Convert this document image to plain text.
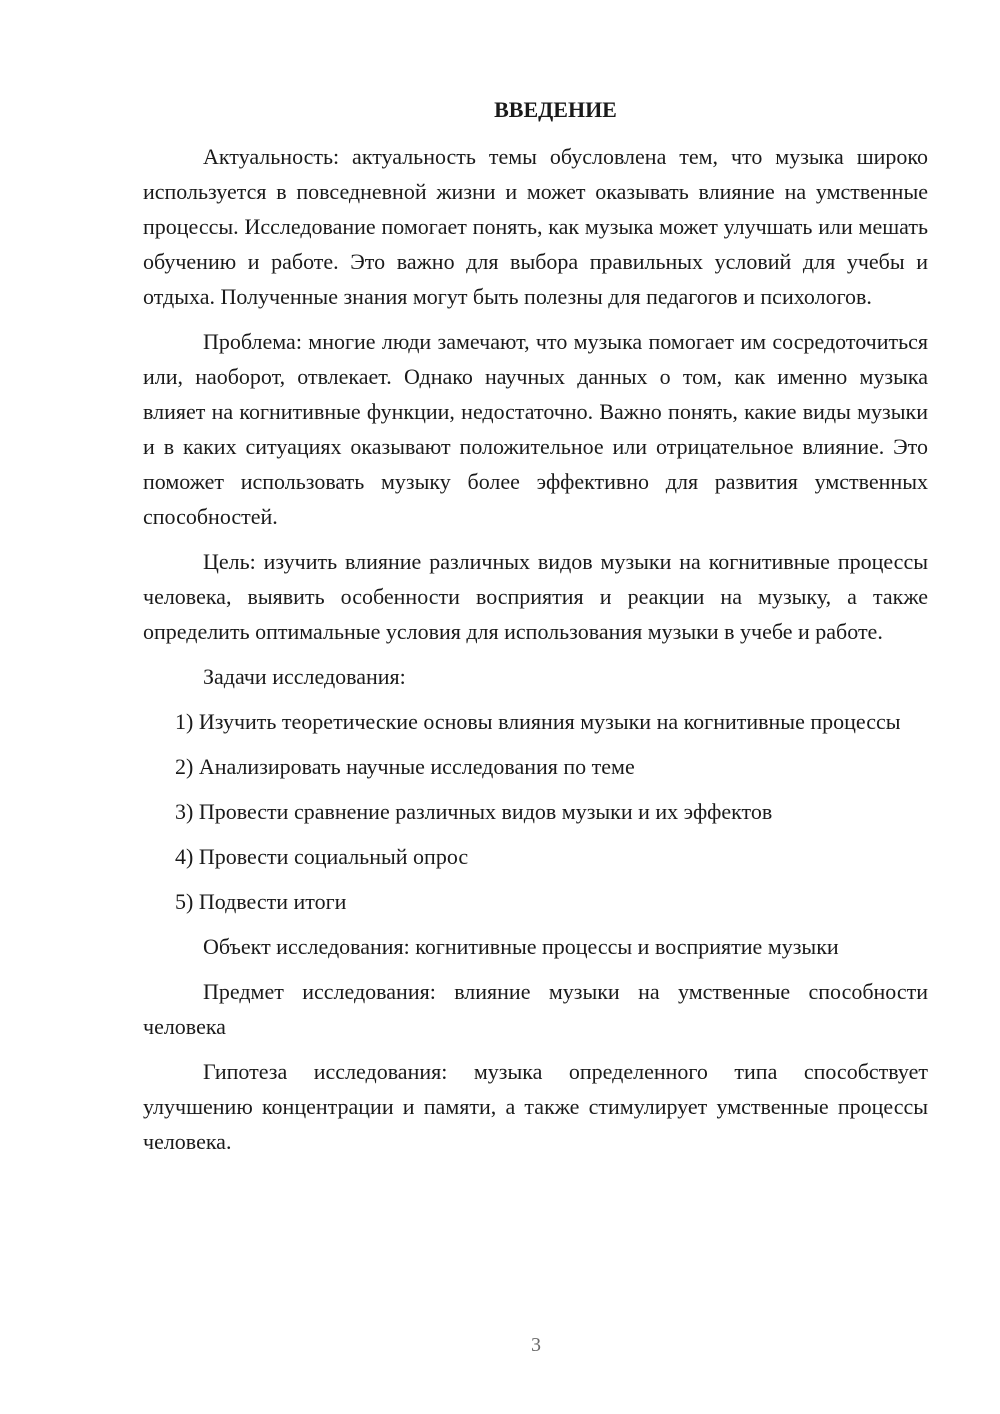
ВВЕДЕНИЕ

Актуальность: актуальность темы обусловлена тем, что музыка широко используется в повседневной жизни и может оказывать влияние на умственные процессы. Исследование помогает понять, как музыка может улучшать или мешать обучению и работе. Это важно для выбора правильных условий для учебы и отдыха. Полученные знания могут быть полезны для педагогов и психологов.

Проблема: многие люди замечают, что музыка помогает им сосредоточиться или, наоборот, отвлекает. Однако научных данных о том, как именно музыка влияет на когнитивные функции, недостаточно. Важно понять, какие виды музыки и в каких ситуациях оказывают положительное или отрицательное влияние. Это поможет использовать музыку более эффективно для развития умственных способностей.

Цель: изучить влияние различных видов музыки на когнитивные процессы человека, выявить особенности восприятия и реакции на музыку, а также определить оптимальные условия для использования музыки в учебе и работе.

Задачи исследования:

1) Изучить теоретические основы влияния музыки на когнитивные процессы

2) Анализировать научные исследования по теме

3) Провести сравнение различных видов музыки и их эффектов

4) Провести социальный опрос

5) Подвести итоги

Объект исследования: когнитивные процессы и восприятие музыки

Предмет исследования: влияние музыки на умственные способности человека

Гипотеза исследования: музыка определенного типа способствует улучшению концентрации и памяти, а также стимулирует умственные процессы человека.

3
